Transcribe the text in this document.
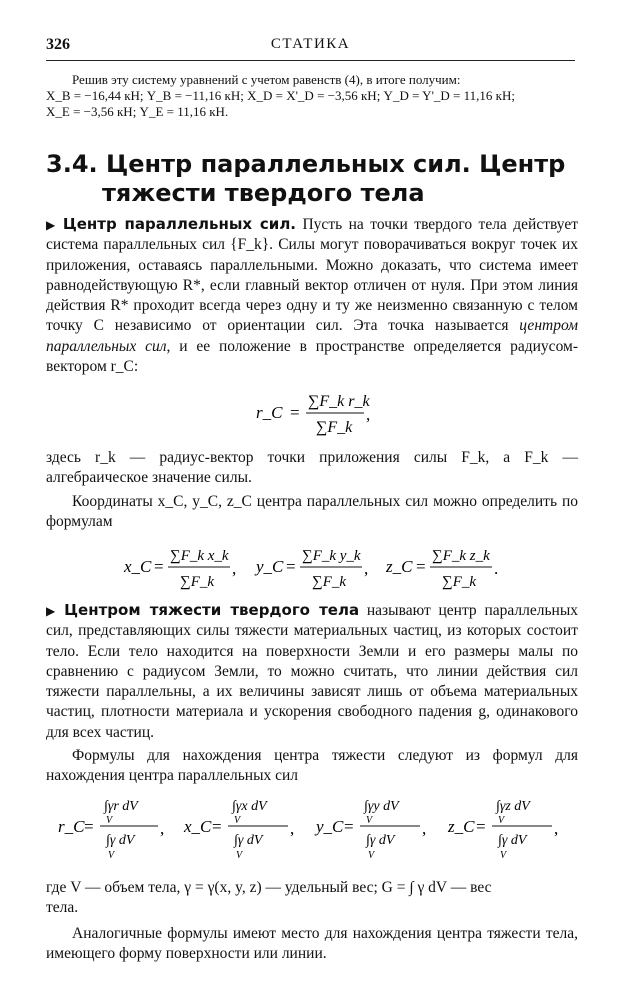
326	СТАТИКА
Решив эту систему уравнений с учетом равенств (4), в итоге получим:
X_B = −16,44 кН; Y_B = −11,16 кН; X_D = X'_D = −3,56 кН; Y_D = Y'_D = 11,16 кН;
X_E = −3,56 кН; Y_E = 11,16 кН.
3.4. Центр параллельных сил. Центр
тяжести твердого тела
▶ Центр параллельных сил. Пусть на точки твердого тела действует система параллельных сил {F_k}. Силы могут поворачиваться вокруг точек их приложения, оставаясь параллельными. Можно доказать, что система имеет равнодействующую R*, если главный вектор отличен от нуля. При этом линия действия R* проходит всегда через одну и ту же неизменно связанную с телом точку C независимо от ориентации сил. Эта точка называется центром параллельных сил, и ее положение в пространстве определяется радиусом-вектором r_C:
r_C =
∑F_k r_k
∑F_k
,
здесь r_k — радиус-вектор точки приложения силы F_k, а F_k — алгебраическое значение силы.
Координаты x_C, y_C, z_C центра параллельных сил можно определить по формулам
x_C =
∑F_k x_k
∑F_k
, y_C =
∑F_k y_k
∑F_k
, z_C =
∑F_k z_k
∑F_k
.
▶ Центром тяжести твердого тела называют центр параллельных сил, представляющих силы тяжести материальных частиц, из которых состоит тело. Если тело находится на поверхности Земли и его размеры малы по сравнению с радиусом Земли, то можно считать, что линии действия сил тяжести параллельны, а их величины зависят лишь от объема материальных частиц, плотности материала и ускорения свободного падения g, одинакового для всех частиц.
Формулы для нахождения центра тяжести следуют из формул для нахождения центра параллельных сил
r_C =
∫γr dV
V
∫γ dV
V
, x_C =
∫γx dV
V
∫γ dV
V
, y_C =
∫γy dV
V
∫γ dV
V
, z_C =
∫γz dV
V
∫γ dV
V
,
где V — объем тела, γ = γ(x, y, z) — удельный вес; G = ∫ γ dV — вес
тела.
Аналогичные формулы имеют место для нахождения центра тяжести тела, имеющего форму поверхности или линии.
